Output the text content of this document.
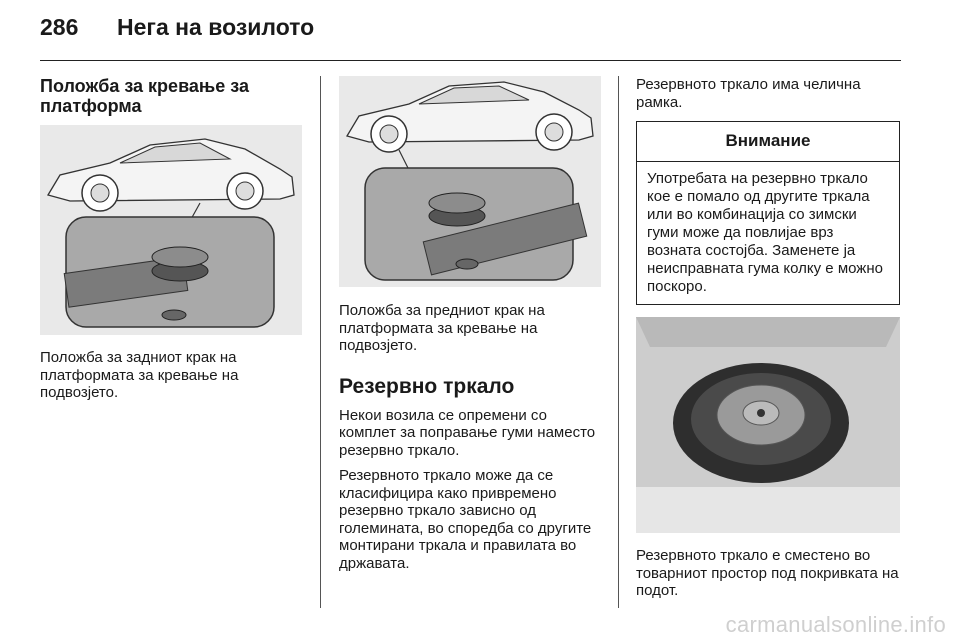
286 Нега на возилото
Положба за кревање за платформа

Положба за задниот крак на платформата за кревање на подвозјето.

Положба за предниот крак на платформата за кревање на подвозјето.

Резервно тркало

Некои возила се опремени со комплет за поправање гуми наместо резервно тркало.

Резервното тркало може да се класифицира како привремено резервно тркало зависно од големината, во споредба со другите монтирани тркала и правилата во државата.

Резервното тркало има челична рамка.

Внимание
Употребата на резервно тркало кое е помало од другите тркала или во комбинација со зимски гуми може да повлијае врз возната состојба. Заменете ја неисправната гума колку е можно поскоро.

Резервното тркало е сместено во товарниот простор под покривката на подот.

carmanualsonline.info
